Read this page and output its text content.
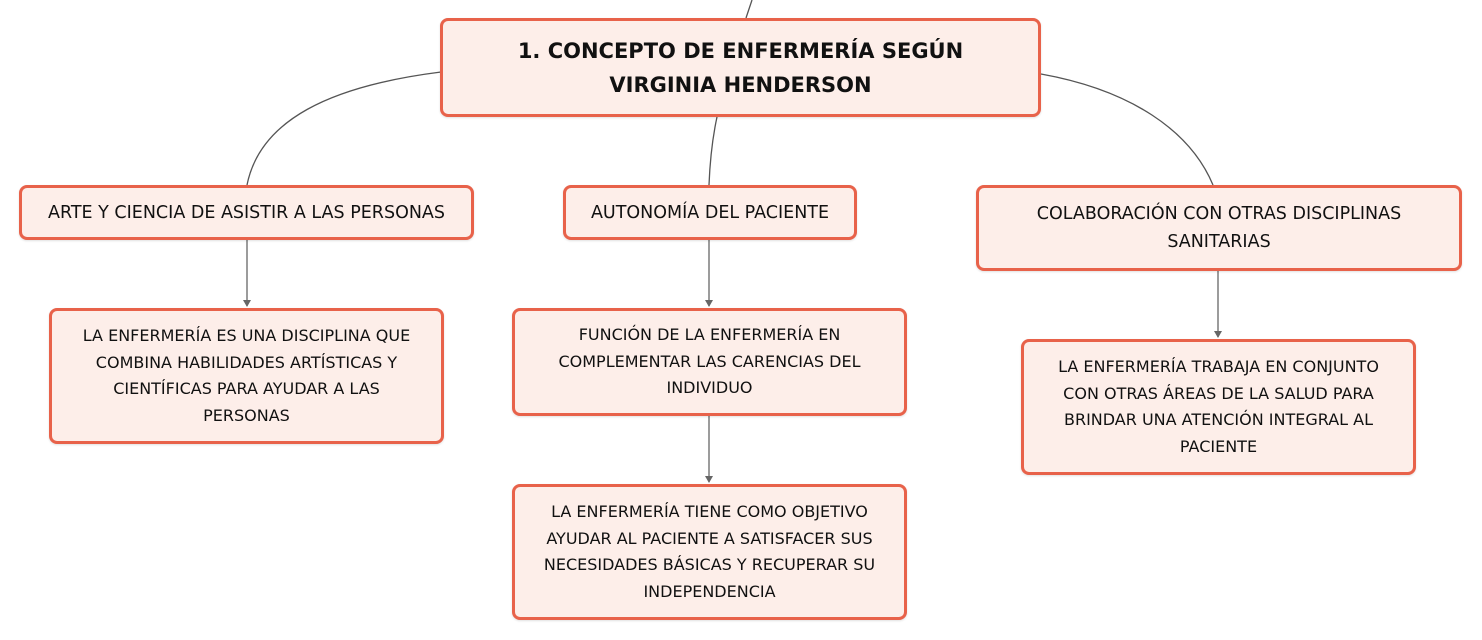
1. CONCEPTO DE ENFERMERÍA SEGÚN VIRGINIA HENDERSON
ARTE Y CIENCIA DE ASISTIR A LAS PERSONAS	AUTONOMÍA DEL PACIENTE	COLABORACIÓN CON OTRAS DISCIPLINAS SANITARIAS
LA ENFERMERÍA ES UNA DISCIPLINA QUE COMBINA HABILIDADES ARTÍSTICAS Y CIENTÍFICAS PARA AYUDAR A LAS PERSONAS
FUNCIÓN DE LA ENFERMERÍA EN COMPLEMENTAR LAS CARENCIAS DEL INDIVIDUO
LA ENFERMERÍA TIENE COMO OBJETIVO AYUDAR AL PACIENTE A SATISFACER SUS NECESIDADES BÁSICAS Y RECUPERAR SU INDEPENDENCIA
LA ENFERMERÍA TRABAJA EN CONJUNTO CON OTRAS ÁREAS DE LA SALUD PARA BRINDAR UNA ATENCIÓN INTEGRAL AL PACIENTE
